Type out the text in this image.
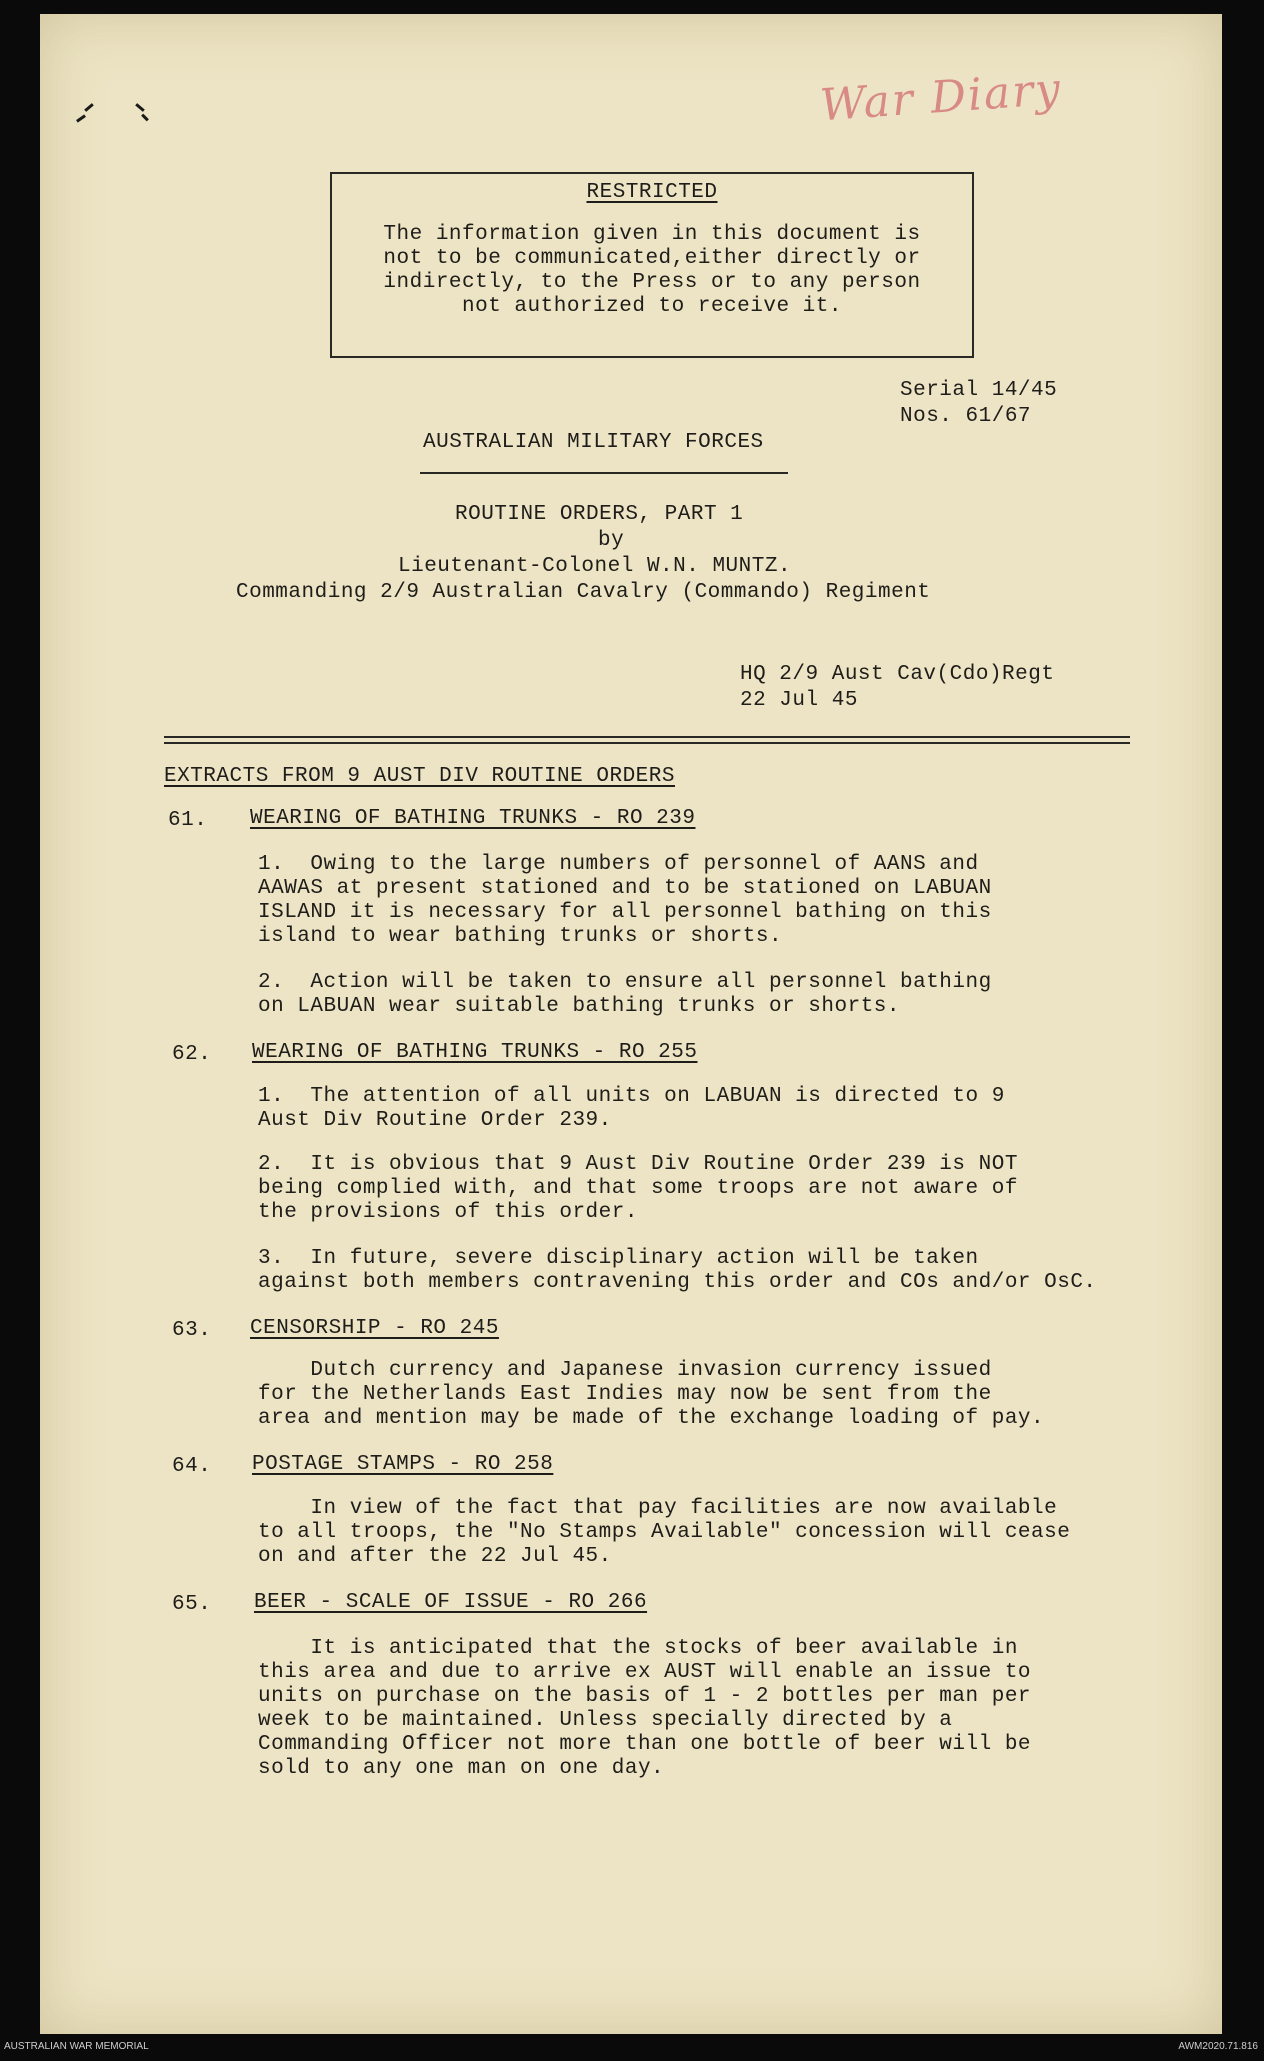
War Diary
RESTRICTED
The information given in this document is
not to be communicated,either directly or
indirectly, to the Press or to any person
not authorized to receive it.
Serial 14/45
Nos. 61/67
AUSTRALIAN MILITARY FORCES
ROUTINE ORDERS, PART 1
by
Lieutenant-Colonel W.N. MUNTZ.
Commanding 2/9 Australian Cavalry (Commando) Regiment
HQ 2/9 Aust Cav(Cdo)Regt
22 Jul 45
EXTRACTS FROM 9 AUST DIV ROUTINE ORDERS
61. WEARING OF BATHING TRUNKS - RO 239
1.  Owing to the large numbers of personnel of AANS and
AAWAS at present stationed and to be stationed on LABUAN
ISLAND it is necessary for all personnel bathing on this
island to wear bathing trunks or shorts.
2.  Action will be taken to ensure all personnel bathing
on LABUAN wear suitable bathing trunks or shorts.
62. WEARING OF BATHING TRUNKS - RO 255
1.  The attention of all units on LABUAN is directed to 9
Aust Div Routine Order 239.
2.  It is obvious that 9 Aust Div Routine Order 239 is NOT
being complied with, and that some troops are not aware of
the provisions of this order.
3.  In future, severe disciplinary action will be taken
against both members contravening this order and COs and/or OsC.
63. CENSORSHIP - RO 245
Dutch currency and Japanese invasion currency issued
for the Netherlands East Indies may now be sent from the
area and mention may be made of the exchange loading of pay.
64. POSTAGE STAMPS - RO 258
In view of the fact that pay facilities are now available
to all troops, the "No Stamps Available" concession will cease
on and after the 22 Jul 45.
65. BEER - SCALE OF ISSUE - RO 266
It is anticipated that the stocks of beer available in
this area and due to arrive ex AUST will enable an issue to
units on purchase on the basis of 1 - 2 bottles per man per
week to be maintained. Unless specially directed by a
Commanding Officer not more than one bottle of beer will be
sold to any one man on one day.
AUSTRALIAN WAR MEMORIAL	AWM2020.71.816
